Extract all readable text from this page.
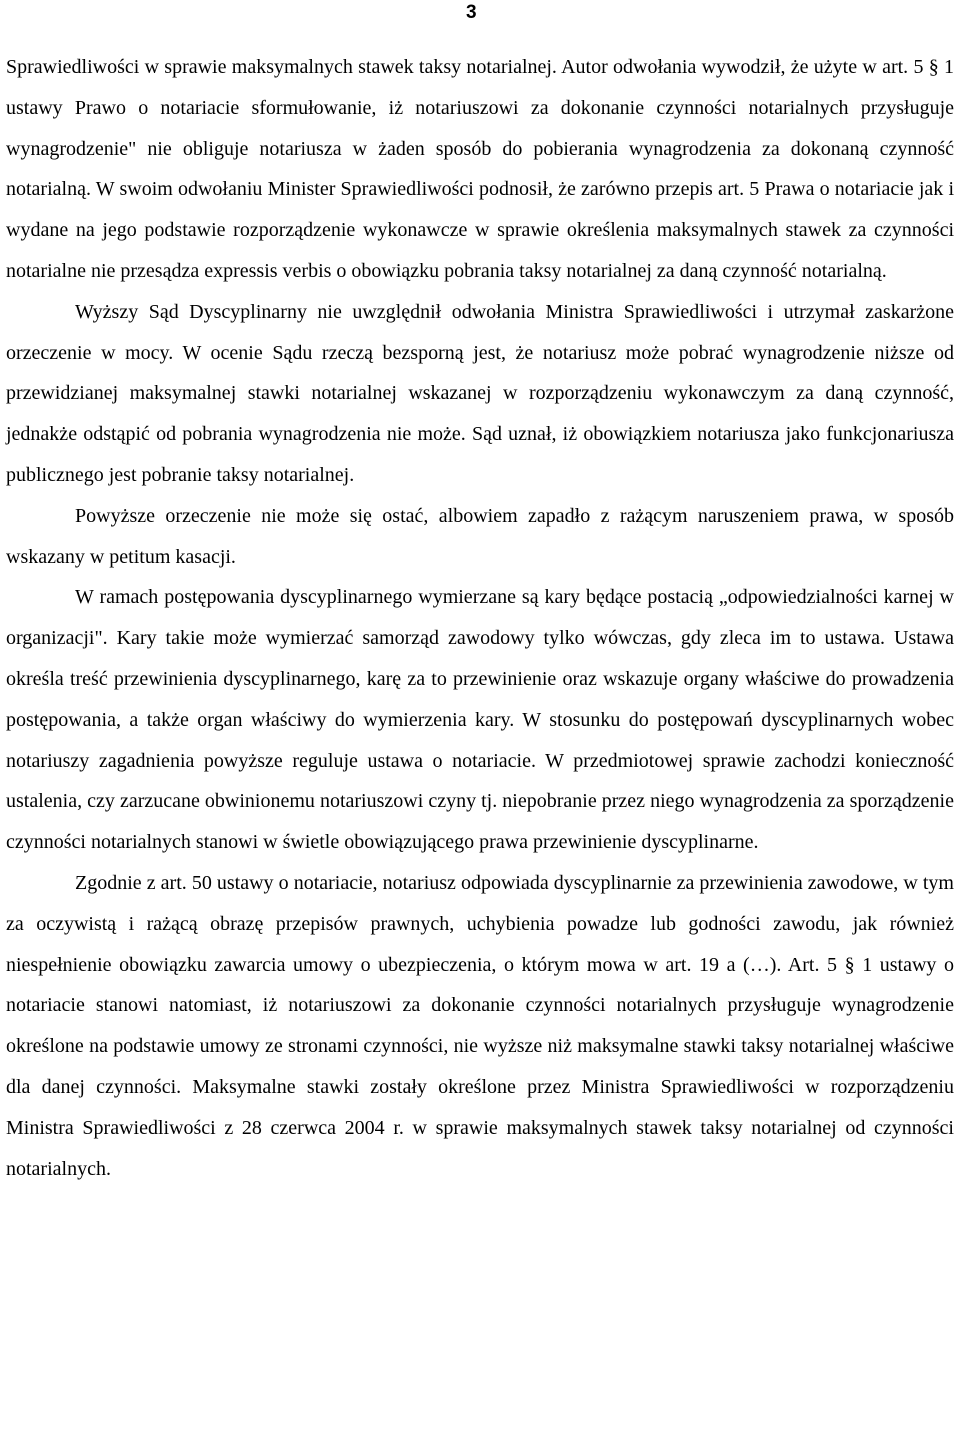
3

Sprawiedliwości w sprawie maksymalnych stawek taksy notarialnej. Autor odwołania wywodził, że użyte w art. 5 § 1 ustawy Prawo o notariacie sformułowanie, iż notariuszowi za dokonanie czynności notarialnych przysługuje wynagrodzenie" nie obliguje notariusza w żaden sposób do pobierania wynagrodzenia za dokonaną czynność notarialną. W swoim odwołaniu Minister Sprawiedliwości podnosił, że zarówno przepis art. 5 Prawa o notariacie jak i wydane na jego podstawie rozporządzenie wykonawcze w sprawie określenia maksymalnych stawek za czynności notarialne nie przesądza expressis verbis o obowiązku pobrania taksy notarialnej za daną czynność notarialną.

Wyższy Sąd Dyscyplinarny nie uwzględnił odwołania Ministra Sprawiedliwości i utrzymał zaskarżone orzeczenie w mocy. W ocenie Sądu rzeczą bezsporną jest, że notariusz może pobrać wynagrodzenie niższe od przewidzianej maksymalnej stawki notarialnej wskazanej w rozporządzeniu wykonawczym za daną czynność, jednakże odstąpić od pobrania wynagrodzenia nie może. Sąd uznał, iż obowiązkiem notariusza jako funkcjonariusza publicznego jest pobranie taksy notarialnej.

Powyższe orzeczenie nie może się ostać, albowiem zapadło z rażącym naruszeniem prawa, w sposób wskazany w petitum kasacji.

W ramach postępowania dyscyplinarnego wymierzane są kary będące postacią „odpowiedzialności karnej w organizacji". Kary takie może wymierzać samorząd zawodowy tylko wówczas, gdy zleca im to ustawa. Ustawa określa treść przewinienia dyscyplinarnego, karę za to przewinienie oraz wskazuje organy właściwe do prowadzenia postępowania, a także organ właściwy do wymierzenia kary. W stosunku do postępowań dyscyplinarnych wobec notariuszy zagadnienia powyższe reguluje ustawa o notariacie. W przedmiotowej sprawie zachodzi konieczność ustalenia, czy zarzucane obwinionemu notariuszowi czyny tj. niepobranie przez niego wynagrodzenia za sporządzenie czynności notarialnych stanowi w świetle obowiązującego prawa przewinienie dyscyplinarne.

Zgodnie z art. 50 ustawy o notariacie, notariusz odpowiada dyscyplinarnie za przewinienia zawodowe, w tym za oczywistą i rażącą obrazę przepisów prawnych, uchybienia powadze lub godności zawodu, jak również niespełnienie obowiązku zawarcia umowy o ubezpieczenia, o którym mowa w art. 19 a (…). Art. 5 § 1 ustawy o notariacie stanowi natomiast, iż notariuszowi za dokonanie czynności notarialnych przysługuje wynagrodzenie określone na podstawie umowy ze stronami czynności, nie wyższe niż maksymalne stawki taksy notarialnej właściwe dla danej czynności. Maksymalne stawki zostały określone przez Ministra Sprawiedliwości w rozporządzeniu Ministra Sprawiedliwości z 28 czerwca 2004 r. w sprawie maksymalnych stawek taksy notarialnej od czynności notarialnych.
